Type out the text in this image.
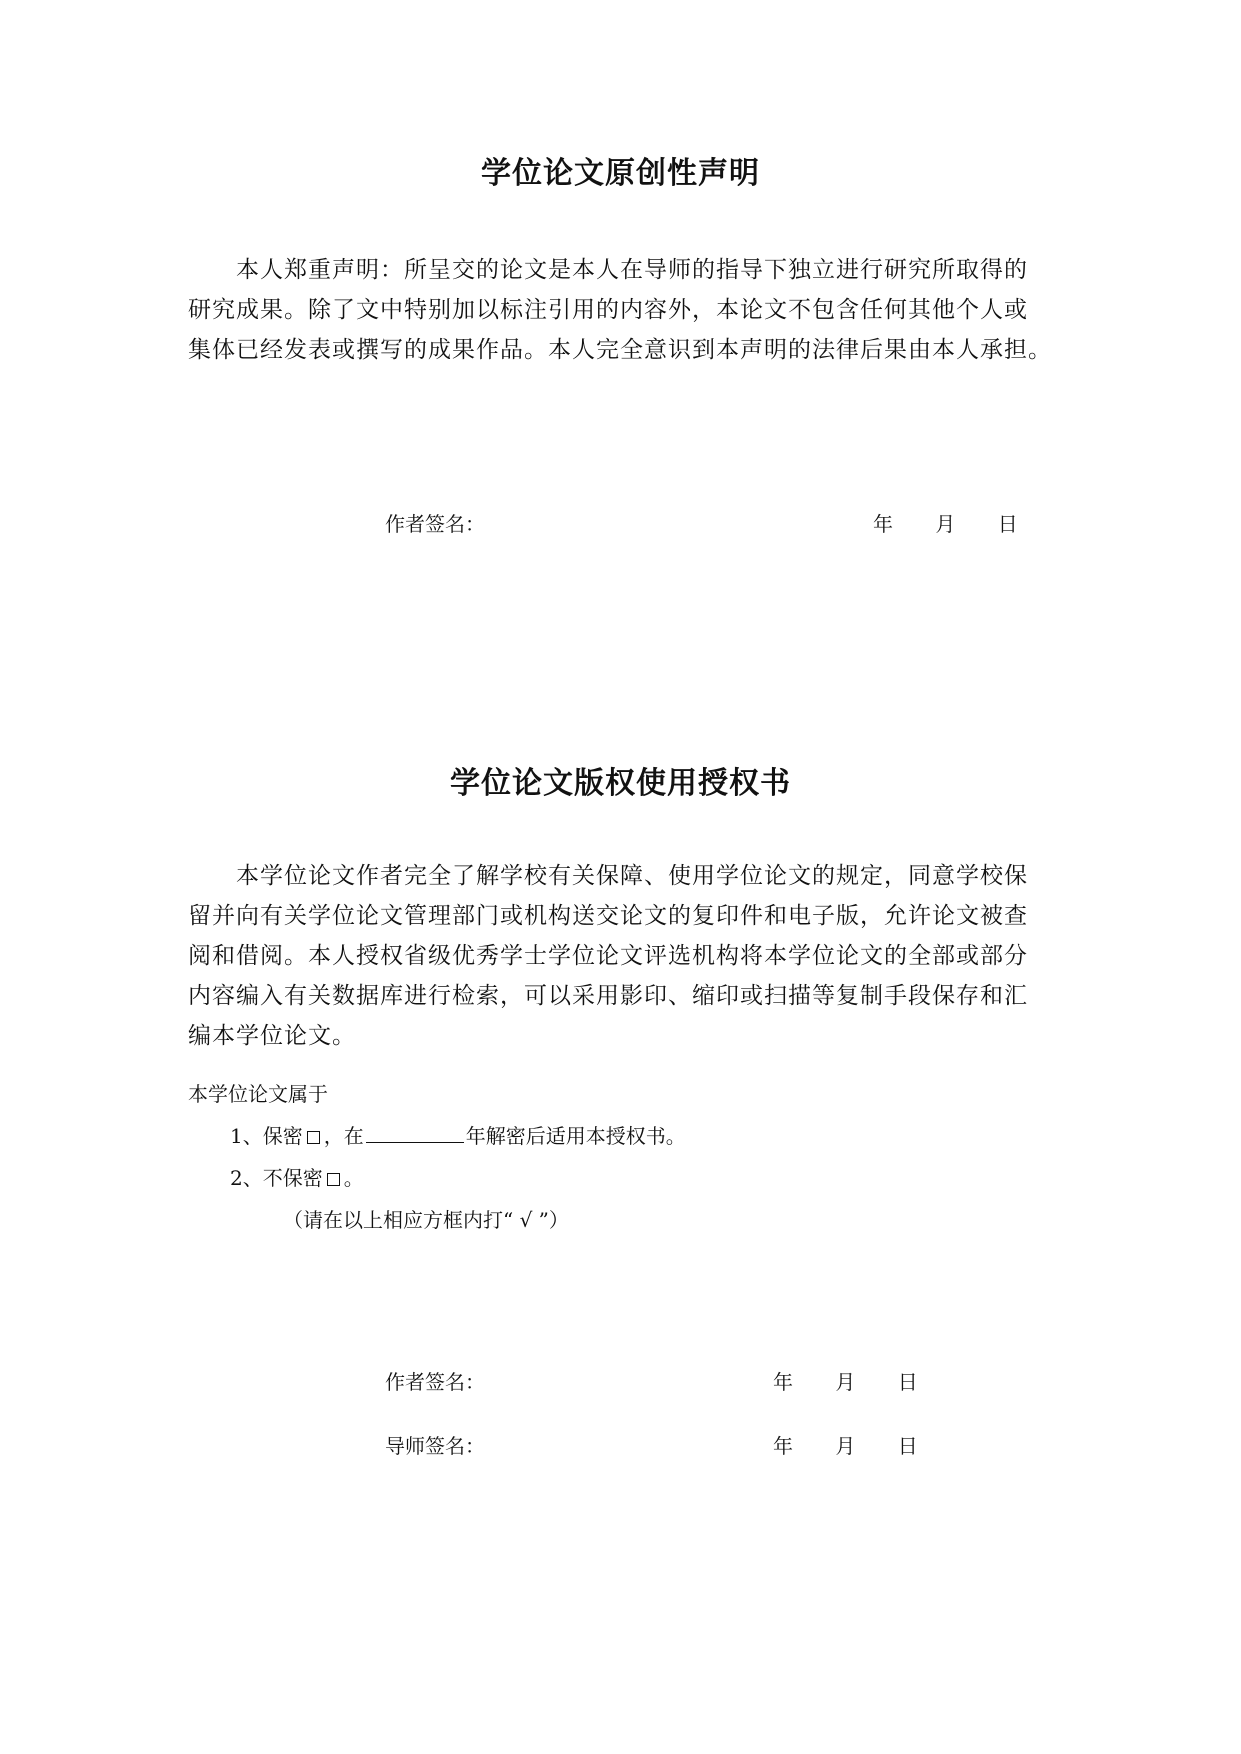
学位论文原创性声明
本人郑重声明：所呈交的论文是本人在导师的指导下独立进行研究所取得的
研究成果。除了文中特别加以标注引用的内容外，本论文不包含任何其他个人或
集体已经发表或撰写的成果作品。本人完全意识到本声明的法律后果由本人承担。
作者签名：	年 月 日
学位论文版权使用授权书
本学位论文作者完全了解学校有关保障、使用学位论文的规定，同意学校保
留并向有关学位论文管理部门或机构送交论文的复印件和电子版，允许论文被查
阅和借阅。本人授权省级优秀学士学位论文评选机构将本学位论文的全部或部分
内容编入有关数据库进行检索，可以采用影印、缩印或扫描等复制手段保存和汇
编本学位论文。
本学位论文属于
1、保密 ，在	年解密后适用本授权书。
2、不保密 。
（请在以上相应方框内打“ √ ”）
作者签名：	年 月 日
导师签名：	年 月 日
